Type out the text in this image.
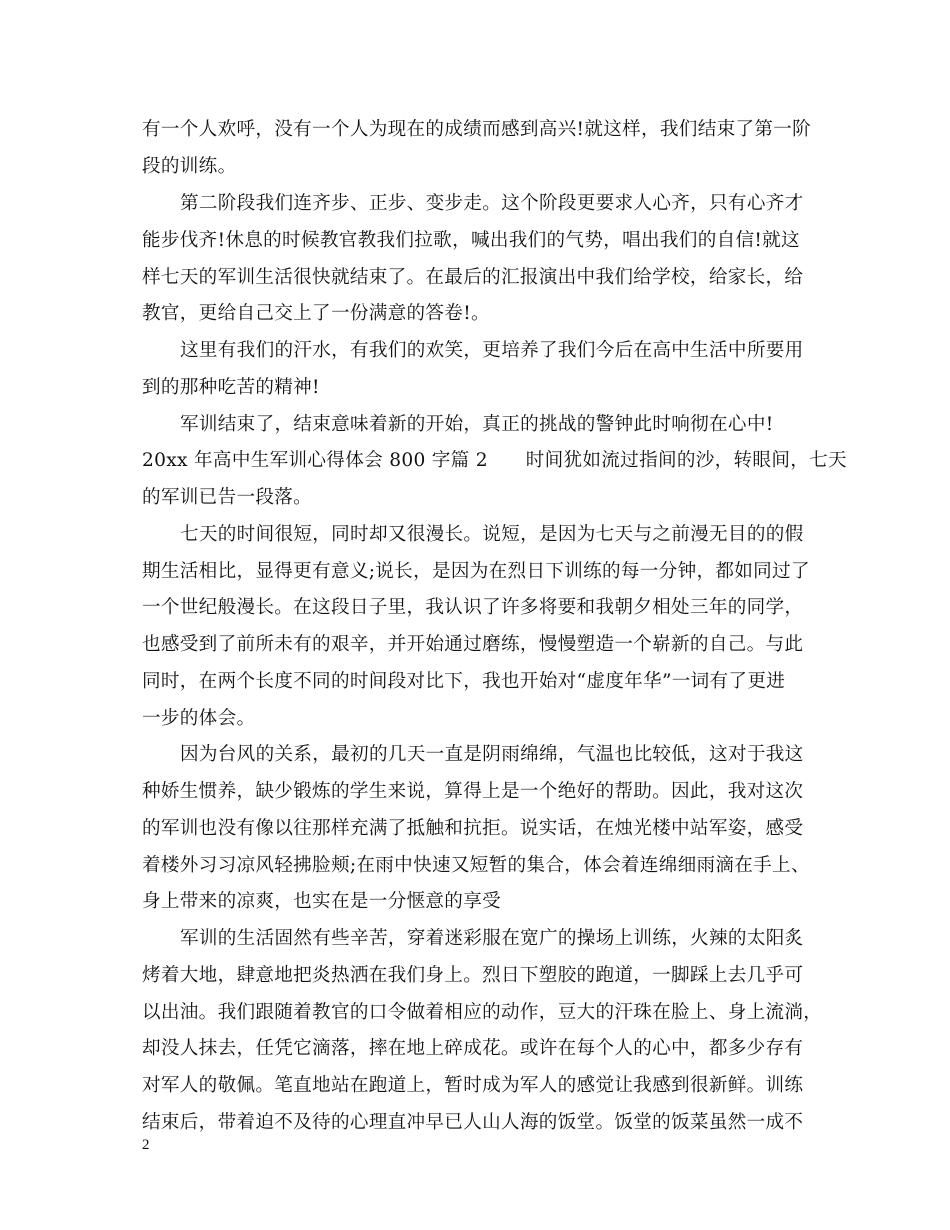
有一个人欢呼，没有一个人为现在的成绩而感到高兴!就这样，我们结束了第一阶
段的训练。
第二阶段我们连齐步、正步、变步走。这个阶段更要求人心齐，只有心齐才
能步伐齐!休息的时候教官教我们拉歌，喊出我们的气势，唱出我们的自信!就这
样七天的军训生活很快就结束了。在最后的汇报演出中我们给学校，给家长，给
教官，更给自己交上了一份满意的答卷!。
这里有我们的汗水，有我们的欢笑，更培养了我们今后在高中生活中所要用
到的那种吃苦的精神!
军训结束了，结束意味着新的开始，真正的挑战的警钟此时响彻在心中!
20xx 年高中生军训心得体会 800 字篇 2　　时间犹如流过指间的沙，转眼间，七天
的军训已告一段落。
七天的时间很短，同时却又很漫长。说短，是因为七天与之前漫无目的的假
期生活相比，显得更有意义;说长，是因为在烈日下训练的每一分钟，都如同过了
一个世纪般漫长。在这段日子里，我认识了许多将要和我朝夕相处三年的同学，
也感受到了前所未有的艰辛，并开始通过磨练，慢慢塑造一个崭新的自己。与此
同时，在两个长度不同的时间段对比下，我也开始对“虚度年华”一词有了更进
一步的体会。
因为台风的关系，最初的几天一直是阴雨绵绵，气温也比较低，这对于我这
种娇生惯养，缺少锻炼的学生来说，算得上是一个绝好的帮助。因此，我对这次
的军训也没有像以往那样充满了抵触和抗拒。说实话，在烛光楼中站军姿，感受
着楼外习习凉风轻拂脸颊;在雨中快速又短暂的集合，体会着连绵细雨滴在手上、
身上带来的凉爽，也实在是一分惬意的享受
军训的生活固然有些辛苦，穿着迷彩服在宽广的操场上训练，火辣的太阳炙
烤着大地，肆意地把炎热洒在我们身上。烈日下塑胶的跑道，一脚踩上去几乎可
以出油。我们跟随着教官的口令做着相应的动作，豆大的汗珠在脸上、身上流淌，
却没人抹去，任凭它滴落，摔在地上碎成花。或许在每个人的心中，都多少存有
对军人的敬佩。笔直地站在跑道上，暂时成为军人的感觉让我感到很新鲜。训练
结束后，带着迫不及待的心理直冲早已人山人海的饭堂。饭堂的饭菜虽然一成不
2
